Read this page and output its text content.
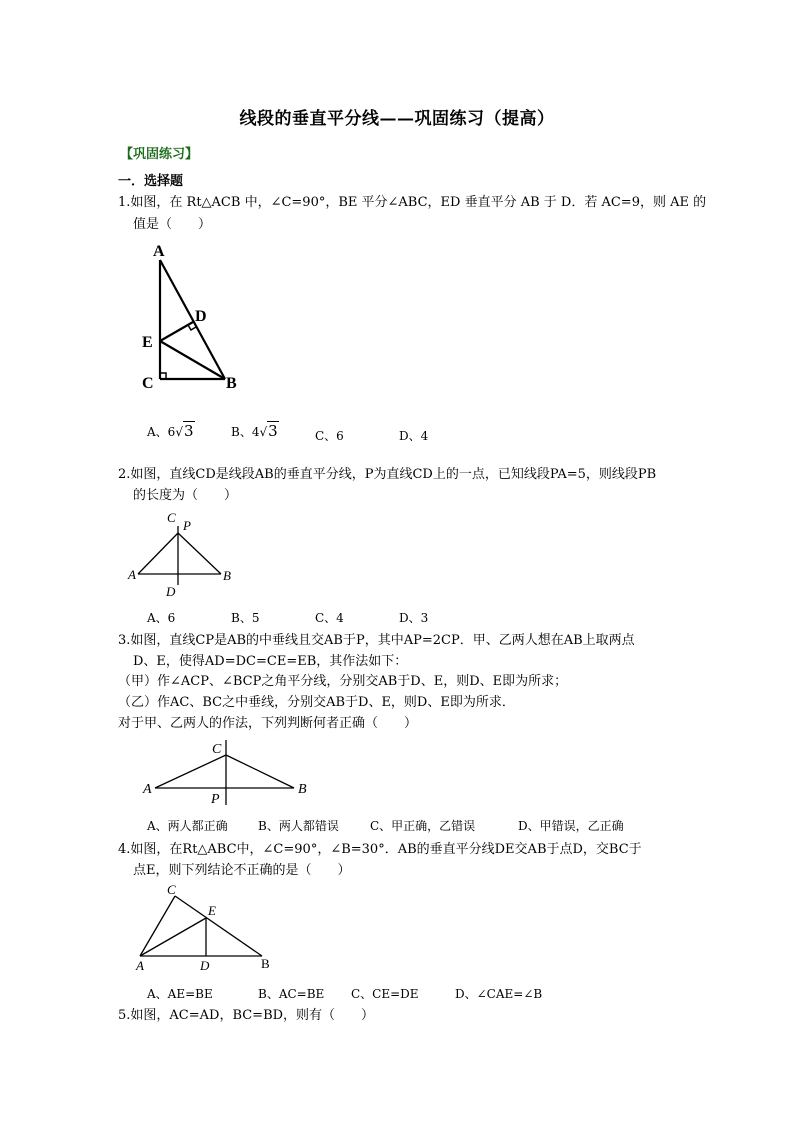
线段的垂直平分线——巩固练习（提高）
【巩固练习】
一．选择题
1.如图，在 Rt△ACB 中，∠C=90°，BE 平分∠ABC，ED 垂直平分 AB 于 D．若 AC=9，则 AE 的
值是（　　）
A
D
E
C	B
A、6√3	B、4√3	C、6	D、4
2.如图，直线CD是线段AB的垂直平分线，P为直线CD上的一点，已知线段PA=5，则线段PB
的长度为（　　）
C
P
A	B
D
A、6	B、5	C、4	D、3
3.如图，直线CP是AB的中垂线且交AB于P，其中AP=2CP．甲、乙两人想在AB上取两点
D、E，使得AD=DC=CE=EB，其作法如下：
（甲）作∠ACP、∠BCP之角平分线，分别交AB于D、E，则D、E即为所求；
（乙）作AC、BC之中垂线，分别交AB于D、E，则D、E即为所求．
对于甲、乙两人的作法，下列判断何者正确（　　）
C
A	B
P
A、两人都正确	B、两人都错误	C、甲正确，乙错误	D、甲错误，乙正确
4.如图，在Rt△ABC中，∠C=90°，∠B=30°．AB的垂直平分线DE交AB于点D，交BC于
点E，则下列结论不正确的是（　　）
C
E
A	D	B
A、AE=BE	B、AC=BE C、CE=DE	D、∠CAE=∠B
5.如图，AC=AD，BC=BD，则有（　　）
